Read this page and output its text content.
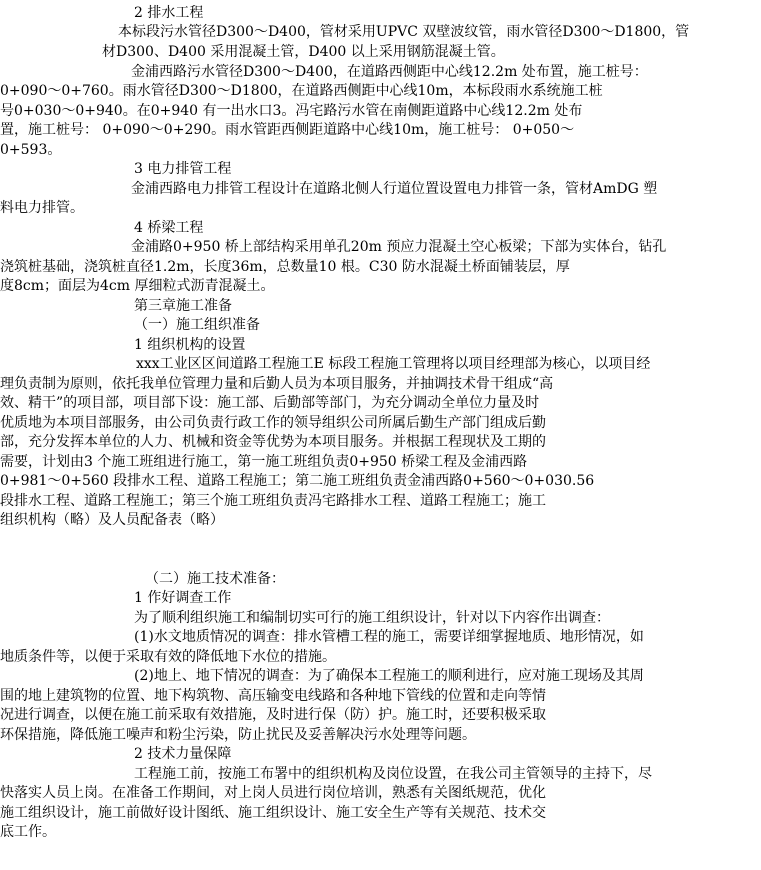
2 排水工程
本标段污水管径D300～D400，管材采用UPVC 双壁波纹管，雨水管径D300～D1800，管
材D300、D400 采用混凝土管，D400 以上采用钢筋混凝土管。
金浦西路污水管径D300～D400，在道路西侧距中心线12.2m 处布置，施工桩号：
0+090～0+760。雨水管径D300～D1800，在道路西侧距中心线10m，本标段雨水系统施工桩
号0+030～0+940。在0+940 有一出水口3。冯宅路污水管在南侧距道路中心线12.2m 处布
置，施工桩号： 0+090～0+290。雨水管距西侧距道路中心线10m，施工桩号： 0+050～
0+593。
3 电力排管工程
金浦西路电力排管工程设计在道路北侧人行道位置设置电力排管一条，管材AmDG 塑
料电力排管。
4 桥梁工程
金浦路0+950 桥上部结构采用单孔20m 预应力混凝土空心板梁；下部为实体台，钻孔
浇筑桩基础，浇筑桩直径1.2m，长度36m，总数量10 根。C30 防水混凝土桥面铺装层，厚
度8cm；面层为4cm 厚细粒式沥青混凝土。
第三章施工准备
（一）施工组织准备
1 组织机构的设置
xxx工业区区间道路工程施工E 标段工程施工管理将以项目经理部为核心，以项目经
理负责制为原则，依托我单位管理力量和后勤人员为本项目服务，并抽调技术骨干组成“高
效、精干”的项目部，项目部下设：施工部、后勤部等部门，为充分调动全单位力量及时
优质地为本项目部服务，由公司负责行政工作的领导组织公司所属后勤生产部门组成后勤
部，充分发挥本单位的人力、机械和资金等优势为本项目服务。并根据工程现状及工期的
需要，计划由3 个施工班组进行施工，第一施工班组负责0+950 桥梁工程及金浦西路
0+981～0+560 段排水工程、道路工程施工；第二施工班组负责金浦西路0+560～0+030.56
段排水工程、道路工程施工；第三个施工班组负责冯宅路排水工程、道路工程施工；施工
组织机构（略）及人员配备表（略）
（二）施工技术准备：
1 作好调查工作
为了顺利组织施工和编制切实可行的施工组织设计，针对以下内容作出调查：
(1)水文地质情况的调查：排水管槽工程的施工，需要详细掌握地质、地形情况，如
地质条件等，以便于采取有效的降低地下水位的措施。
(2)地上、地下情况的调查：为了确保本工程施工的顺利进行，应对施工现场及其周
围的地上建筑物的位置、地下构筑物、高压输变电线路和各种地下管线的位置和走向等情
况进行调查，以便在施工前采取有效措施，及时进行保（防）护。施工时，还要积极采取
环保措施，降低施工噪声和粉尘污染，防止扰民及妥善解决污水处理等问题。
2 技术力量保障
工程施工前，按施工布署中的组织机构及岗位设置，在我公司主管领导的主持下，尽
快落实人员上岗。在准备工作期间，对上岗人员进行岗位培训，熟悉有关图纸规范，优化
施工组织设计，施工前做好设计图纸、施工组织设计、施工安全生产等有关规范、技术交
底工作。
